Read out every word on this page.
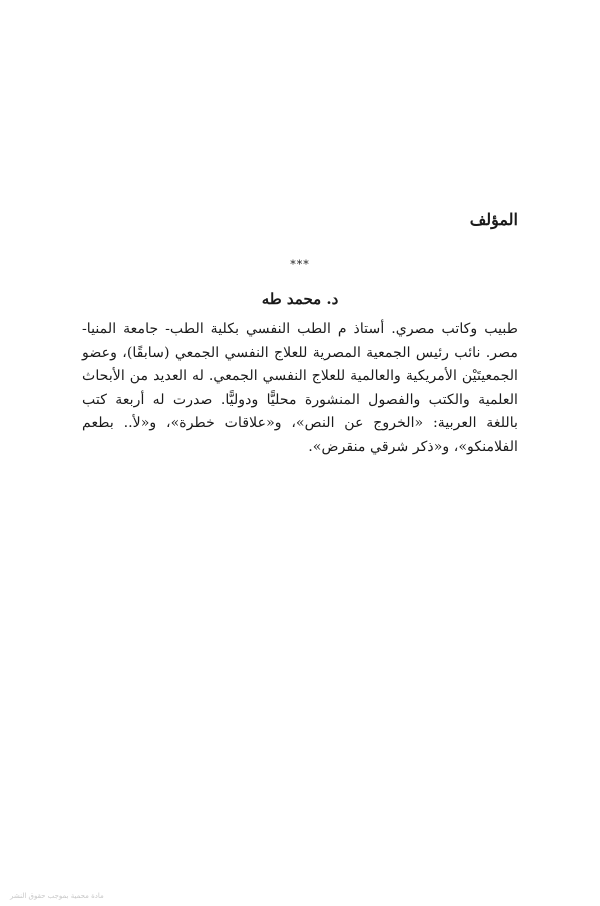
المؤلف

***

د. محمد طه

طبيب وكاتب مصري. أستاذ م الطب النفسي بكلية الطب- جامعة المنيا- مصر. نائب رئيس الجمعية المصرية للعلاج النفسي الجمعي (سابقًا)، وعضو الجمعيتَيْن الأمريكية والعالمية للعلاج النفسي الجمعي. له العديد من الأبحاث العلمية والكتب والفصول المنشورة محليًّا ودوليًّا. صدرت له أربعة كتب باللغة العربية: «الخروج عن النص»، و«علاقات خطرة»، و«لأ.. بطعم الفلامنكو»، و«ذكر شرقي منقرض».

مادة محمية بموجب حقوق النشر
